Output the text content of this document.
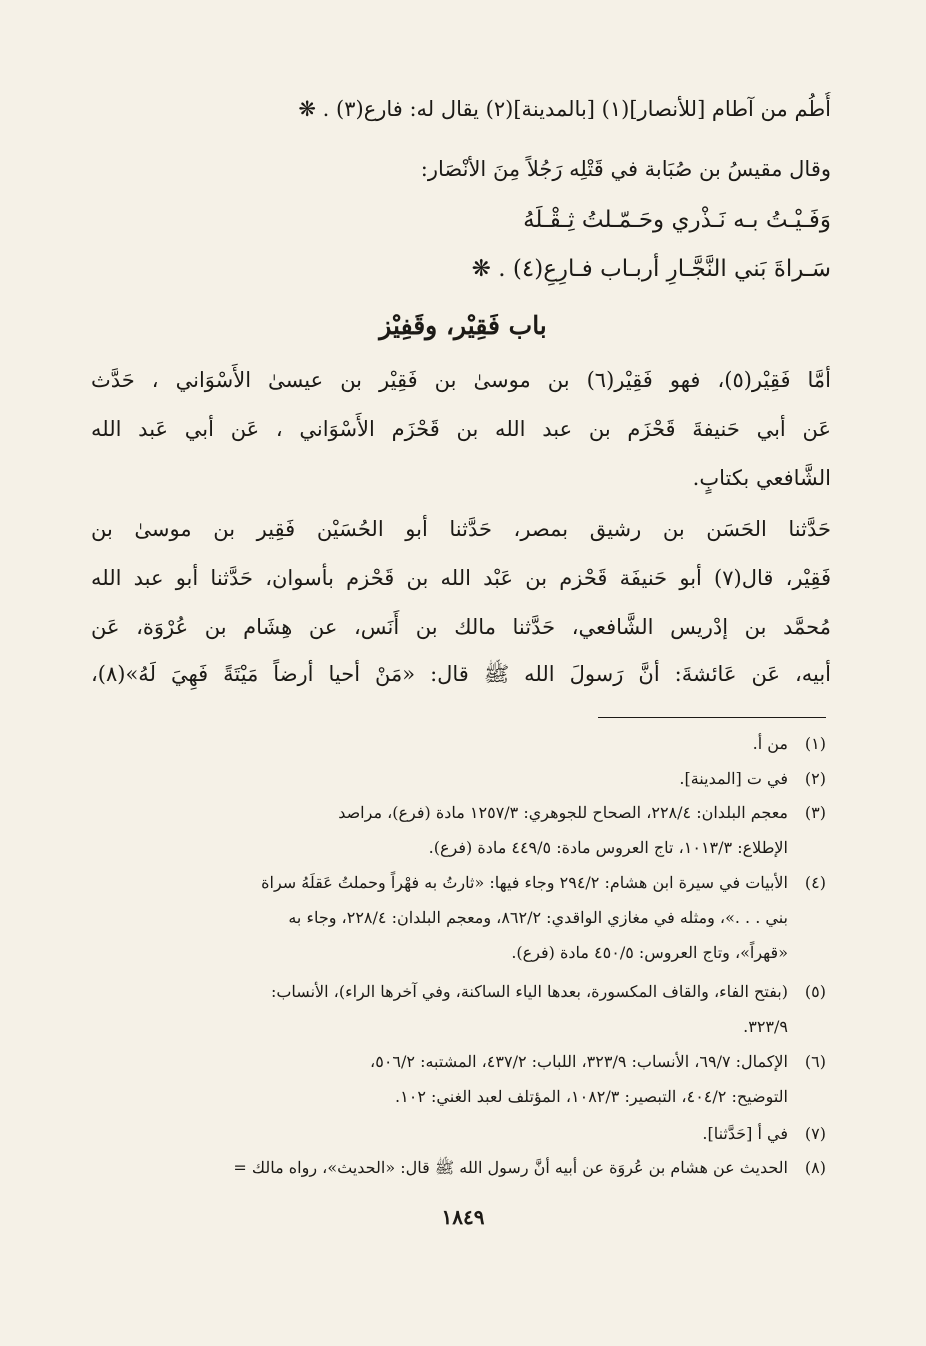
أُطُم من آطام [للأنصار](١) [بالمدينة](٢) يقال له: فارع(٣) . ❋
وقال مقيسُ بن صُبَابة في قَتْلِه رَجُلاً مِنَ الأنْصَار:
وَفَـيْـتُ بـه نَـذْري وحَـمّـلتُ ثِـقْـلَهُ
سَـراةَ بَني النَّجَّـارِ أربـاب فـارِعِ(٤) . ❋
باب فَقِيْر، وقَفِيْز
أمَّا فَقِيْر(٥)، فهو فَقِيْر(٦) بن موسىٰ بن فَقِيْر بن عيسىٰ الأَسْوَاني ، حَدَّث
عَن أبي حَنيفةَ قَحْزَم بن عبد الله بن قَحْزَم الأَسْوَاني ، عَن أبي عَبد الله
الشَّافعي بكتابٍ.
حَدَّثنا الحَسَن بن رشيق بمصر، حَدَّثنا أبو الحُسَيْن فَقِير بن موسىٰ بن
فَقِيْر، قال(٧) أبو حَنيفَة قَحْزم بن عَبْد الله بن قَحْزم بأسوان، حَدَّثنا أبو عبد الله
مُحمَّد بن إدْريس الشَّافعي، حَدَّثنا مالك بن أَنَس، عن هِشَام بن عُرْوَة، عَن
أبيه، عَن عَائشةَ: أنَّ رَسولَ الله ﷺ قال: «مَنْ أحيا أرضاً مَيْتَةً فَهِيَ لَهُ»(٨)،
(١)من أ.
(٢)في ت [المدينة].
(٣)معجم البلدان: ٢٢٨/٤، الصحاح للجوهري: ١٢٥٧/٣ مادة (فرع)، مراصد
الإطلاع: ١٠١٣/٣، تاج العروس مادة: ٤٤٩/٥ مادة (فرع).
(٤)الأبيات في سيرة ابن هشام: ٢٩٤/٢ وجاء فيها: «ثارتُ به فهْراً وحملتُ عَقلَهُ سراة
بني . . .»، ومثله في مغازي الواقدي: ٨٦٢/٢، ومعجم البلدان: ٢٢٨/٤، وجاء به
«قهراً»، وتاج العروس: ٤٥٠/٥ مادة (فرع).
(٥)(بفتح الفاء، والقاف المكسورة، بعدها الياء الساكنة، وفي آخرها الراء)، الأنساب:
٣٢٣/٩.
(٦)الإكمال: ٦٩/٧، الأنساب: ٣٢٣/٩، اللباب: ٤٣٧/٢، المشتبه: ٥٠٦/٢،
التوضيح: ٤٠٤/٢، التبصير: ١٠٨٢/٣، المؤتلف لعبد الغني: ١٠٢.
(٧)في أ [حَدَّثنا].
(٨)الحديث عن هشام بن عُروَة عن أبيه أنَّ رسول الله ﷺ قال: «الحديث»، رواه مالك =
١٨٤٩
